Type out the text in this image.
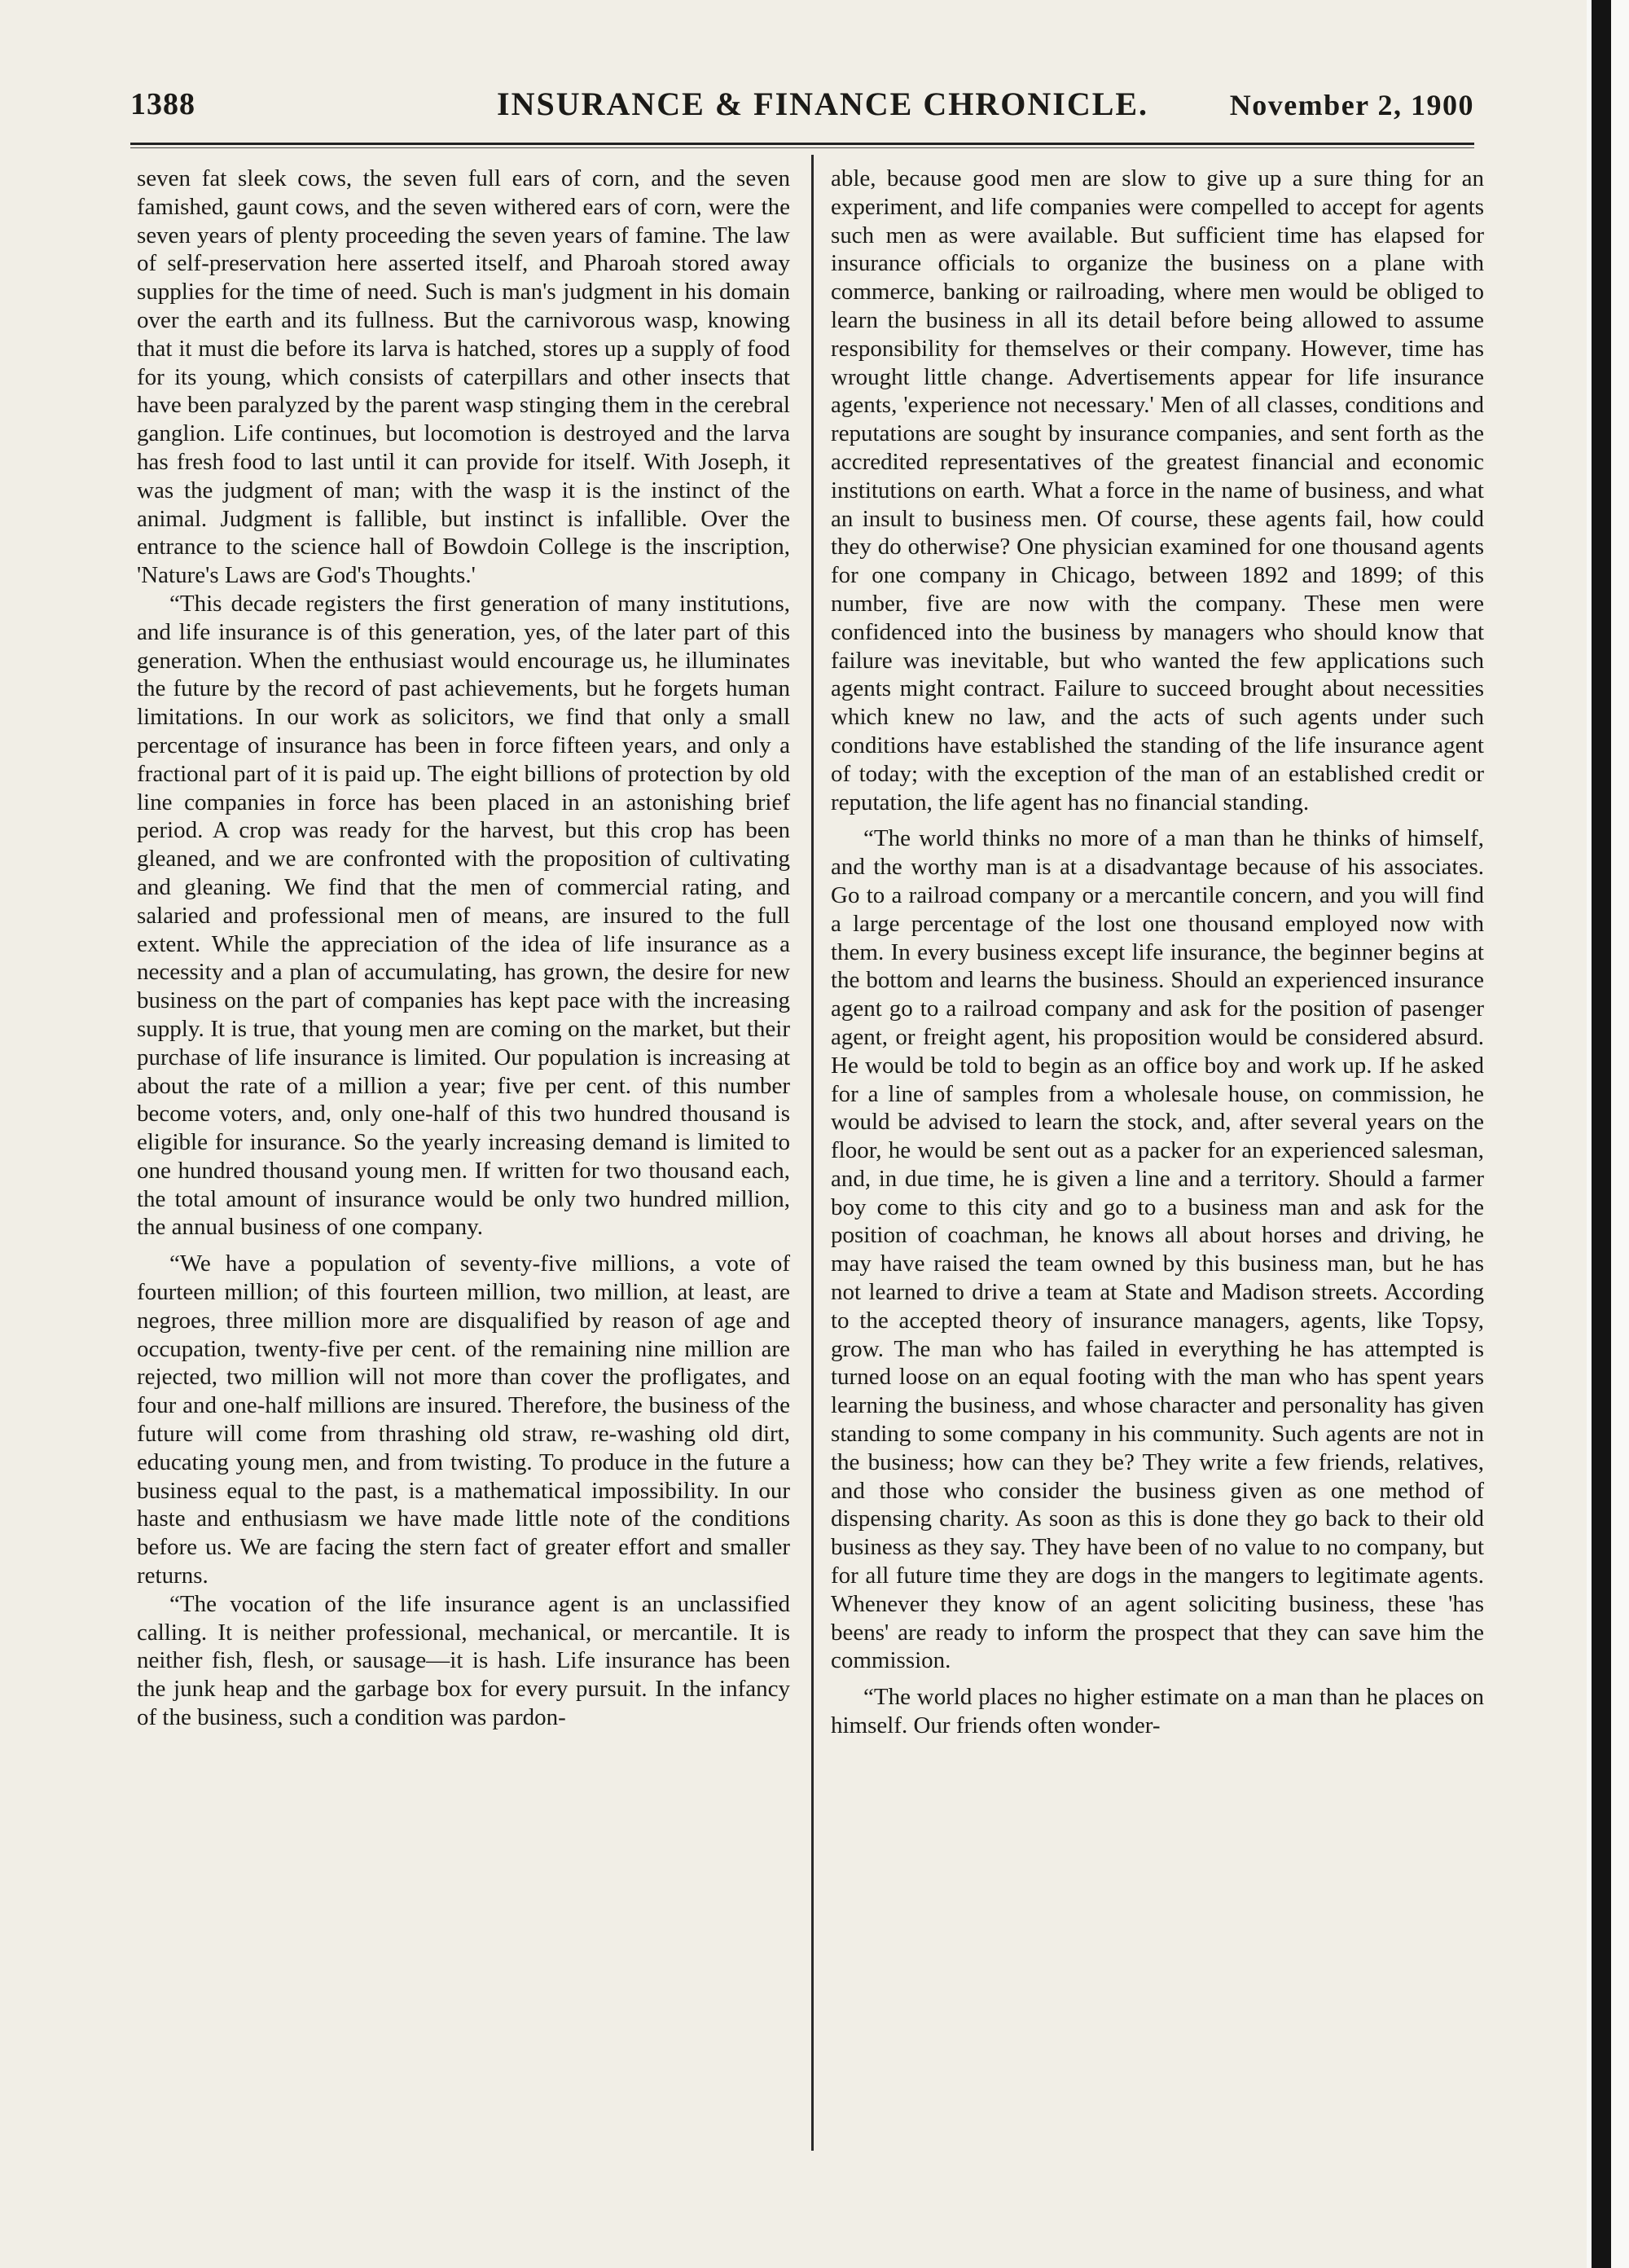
1388	INSURANCE & FINANCE CHRONICLE.	November 2, 1900

seven fat sleek cows, the seven full ears of corn, and the seven famished, gaunt cows, and the seven withered ears of corn, were the seven years of plenty proceeding the seven years of famine. The law of self-preservation here asserted itself, and Pharoah stored away supplies for the time of need. Such is man's judgment in his domain over the earth and its fullness. But the carnivorous wasp, knowing that it must die before its larva is hatched, stores up a supply of food for its young, which consists of caterpillars and other insects that have been paralyzed by the parent wasp stinging them in the cerebral ganglion. Life continues, but locomotion is destroyed and the larva has fresh food to last until it can provide for itself. With Joseph, it was the judgment of man; with the wasp it is the instinct of the animal. Judgment is fallible, but instinct is infallible. Over the entrance to the science hall of Bowdoin College is the inscription, 'Nature's Laws are God's Thoughts.'

“This decade registers the first generation of many institutions, and life insurance is of this generation, yes, of the later part of this generation. When the enthusiast would encourage us, he illuminates the future by the record of past achievements, but he forgets human limitations. In our work as solicitors, we find that only a small percentage of insurance has been in force fifteen years, and only a fractional part of it is paid up. The eight billions of protection by old line companies in force has been placed in an astonishing brief period. A crop was ready for the harvest, but this crop has been gleaned, and we are confronted with the proposition of cultivating and gleaning. We find that the men of commercial rating, and salaried and professional men of means, are insured to the full extent. While the appreciation of the idea of life insurance as a necessity and a plan of accumulating, has grown, the desire for new business on the part of companies has kept pace with the increasing supply. It is true, that young men are coming on the market, but their purchase of life insurance is limited. Our population is increasing at about the rate of a million a year; five per cent. of this number become voters, and, only one-half of this two hundred thousand is eligible for insurance. So the yearly increasing demand is limited to one hundred thousand young men. If written for two thousand each, the total amount of insurance would be only two hundred million, the annual business of one company.

“We have a population of seventy-five millions, a vote of fourteen million; of this fourteen million, two million, at least, are negroes, three million more are disqualified by reason of age and occupation, twenty-five per cent. of the remaining nine million are rejected, two million will not more than cover the profligates, and four and one-half millions are insured. Therefore, the business of the future will come from thrashing old straw, re-washing old dirt, educating young men, and from twisting. To produce in the future a business equal to the past, is a mathematical impossibility. In our haste and enthusiasm we have made little note of the conditions before us. We are facing the stern fact of greater effort and smaller returns.

“The vocation of the life insurance agent is an unclassified calling. It is neither professional, mechanical, or mercantile. It is neither fish, flesh, or sausage—it is hash. Life insurance has been the junk heap and the garbage box for every pursuit. In the infancy of the business, such a condition was pardon-

able, because good men are slow to give up a sure thing for an experiment, and life companies were compelled to accept for agents such men as were available. But sufficient time has elapsed for insurance officials to organize the business on a plane with commerce, banking or railroading, where men would be obliged to learn the business in all its detail before being allowed to assume responsibility for themselves or their company. However, time has wrought little change. Advertisements appear for life insurance agents, 'experience not necessary.' Men of all classes, conditions and reputations are sought by insurance companies, and sent forth as the accredited representatives of the greatest financial and economic institutions on earth. What a force in the name of business, and what an insult to business men. Of course, these agents fail, how could they do otherwise? One physician examined for one thousand agents for one company in Chicago, between 1892 and 1899; of this number, five are now with the company. These men were confidenced into the business by managers who should know that failure was inevitable, but who wanted the few applications such agents might contract. Failure to succeed brought about necessities which knew no law, and the acts of such agents under such conditions have established the standing of the life insurance agent of today; with the exception of the man of an established credit or reputation, the life agent has no financial standing.

“The world thinks no more of a man than he thinks of himself, and the worthy man is at a disadvantage because of his associates. Go to a railroad company or a mercantile concern, and you will find a large percentage of the lost one thousand employed now with them. In every business except life insurance, the beginner begins at the bottom and learns the business. Should an experienced insurance agent go to a railroad company and ask for the position of pasenger agent, or freight agent, his proposition would be considered absurd. He would be told to begin as an office boy and work up. If he asked for a line of samples from a wholesale house, on commission, he would be advised to learn the stock, and, after several years on the floor, he would be sent out as a packer for an experienced salesman, and, in due time, he is given a line and a territory. Should a farmer boy come to this city and go to a business man and ask for the position of coachman, he knows all about horses and driving, he may have raised the team owned by this business man, but he has not learned to drive a team at State and Madison streets. According to the accepted theory of insurance managers, agents, like Topsy, grow. The man who has failed in everything he has attempted is turned loose on an equal footing with the man who has spent years learning the business, and whose character and personality has given standing to some company in his community. Such agents are not in the business; how can they be? They write a few friends, relatives, and those who consider the business given as one method of dispensing charity. As soon as this is done they go back to their old business as they say. They have been of no value to no company, but for all future time they are dogs in the mangers to legitimate agents. Whenever they know of an agent soliciting business, these 'has beens' are ready to inform the prospect that they can save him the commission.

“The world places no higher estimate on a man than he places on himself. Our friends often wonder-
